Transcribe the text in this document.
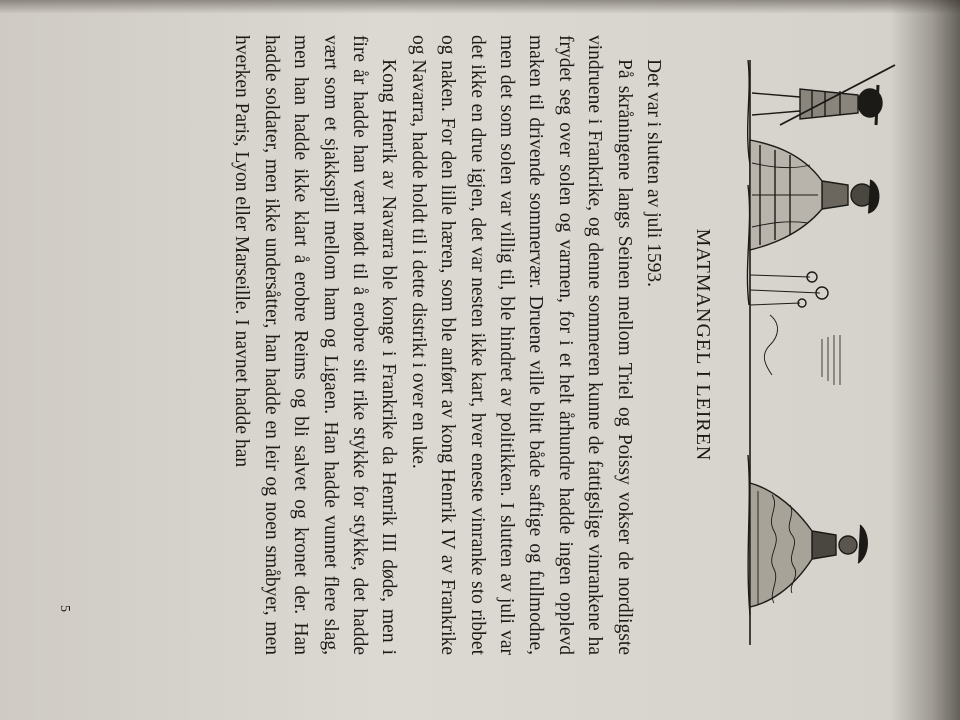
MATMANGEL I LEIREN

Det var i slutten av juli 1593.

På skråningene langs Seinen mellom Triel og Poissy vokser de nordligste vindruene i Frankrike, og denne sommeren kunne de fattigslige vinrankene ha frydet seg over solen og varmen, for i et helt århundre hadde ingen opplevd maken til drivende sommervær. Druene ville blitt både saftige og fullmodne, men det som solen var villig til, ble hindret av politikken. I slutten av juli var det ikke en drue igjen, det var nesten ikke kart, hver eneste vinranke sto ribbet og naken. For den lille hæren, som ble anført av kong Henrik IV av Frankrike og Navarra, hadde holdt til i dette distrikt i over en uke.

Kong Henrik av Navarra ble konge i Frankrike da Henrik III døde, men i fire år hadde han vært nødt til å erobre sitt rike stykke for stykke, det hadde vært som et sjakkspill mellom ham og Ligaen. Han hadde vunnet flere slag, men han hadde ikke klart å erobre Reims og bli salvet og kronet der. Han hadde soldater, men ikke undersåtter, han hadde en leir og noen småbyer, men hverken Paris, Lyon eller Marseille. I navnet hadde han

5
